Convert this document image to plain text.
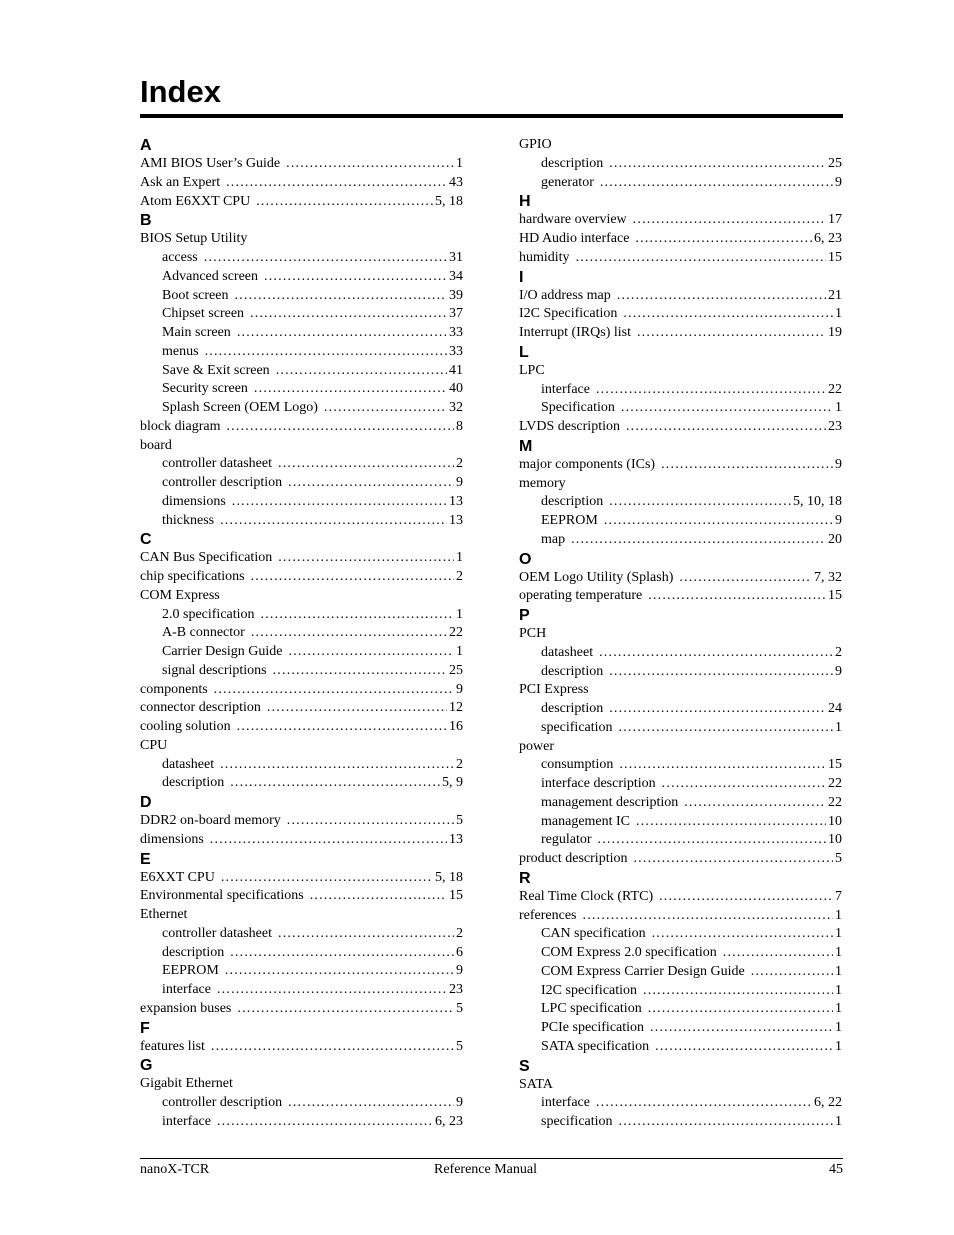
Index
A
AMI BIOS User’s Guide .....	1
Ask an Expert .....	43
Atom E6XXT CPU .....	5, 18
B
BIOS Setup Utility
access .....	31
Advanced screen .....	34
Boot screen .....	39
Chipset screen .....	37
Main screen .....	33
menus .....	33
Save & Exit screen .....	41
Security screen .....	40
Splash Screen (OEM Logo) .....	32
block diagram .....	8
board
controller datasheet .....	2
controller description .....	9
dimensions .....	13
thickness .....	13
C
CAN Bus Specification .....	1
chip specifications .....	2
COM Express
2.0 specification .....	1
A-B connector .....	22
Carrier Design Guide .....	1
signal descriptions .....	25
components .....	9
connector description .....	12
cooling solution .....	16
CPU
datasheet .....	2
description .....	5, 9
D
DDR2 on-board memory .....	5
dimensions .....	13
E
E6XXT CPU .....	5, 18
Environmental specifications .....	15
Ethernet
controller datasheet .....	2
description .....	6
EEPROM .....	9
interface .....	23
expansion buses .....	5
F
features list .....	5
G
Gigabit Ethernet
controller description .....	9
interface .....	6, 23
GPIO
description .....	25
generator .....	9
H
hardware overview .....	17
HD Audio interface .....	6, 23
humidity .....	15
I
I/O address map .....	21
I2C Specification .....	1
Interrupt (IRQs) list .....	19
L
LPC
interface .....	22
Specification .....	1
LVDS description .....	23
M
major components (ICs) .....	9
memory
description .....	5, 10, 18
EEPROM .....	9
map .....	20
O
OEM Logo Utility (Splash) .....	7, 32
operating temperature .....	15
P
PCH
datasheet .....	2
description .....	9
PCI Express
description .....	24
specification .....	1
power
consumption .....	15
interface description .....	22
management description .....	22
management IC .....	10
regulator .....	10
product description .....	5
R
Real Time Clock (RTC) .....	7
references .....	1
CAN specification .....	1
COM Express 2.0 specification .....	1
COM Express Carrier Design Guide .....	1
I2C specification .....	1
LPC specification .....	1
PCIe specification .....	1
SATA specification .....	1
S
SATA
interface .....	6, 22
specification .....	1
nanoX-TCR	Reference Manual	45
